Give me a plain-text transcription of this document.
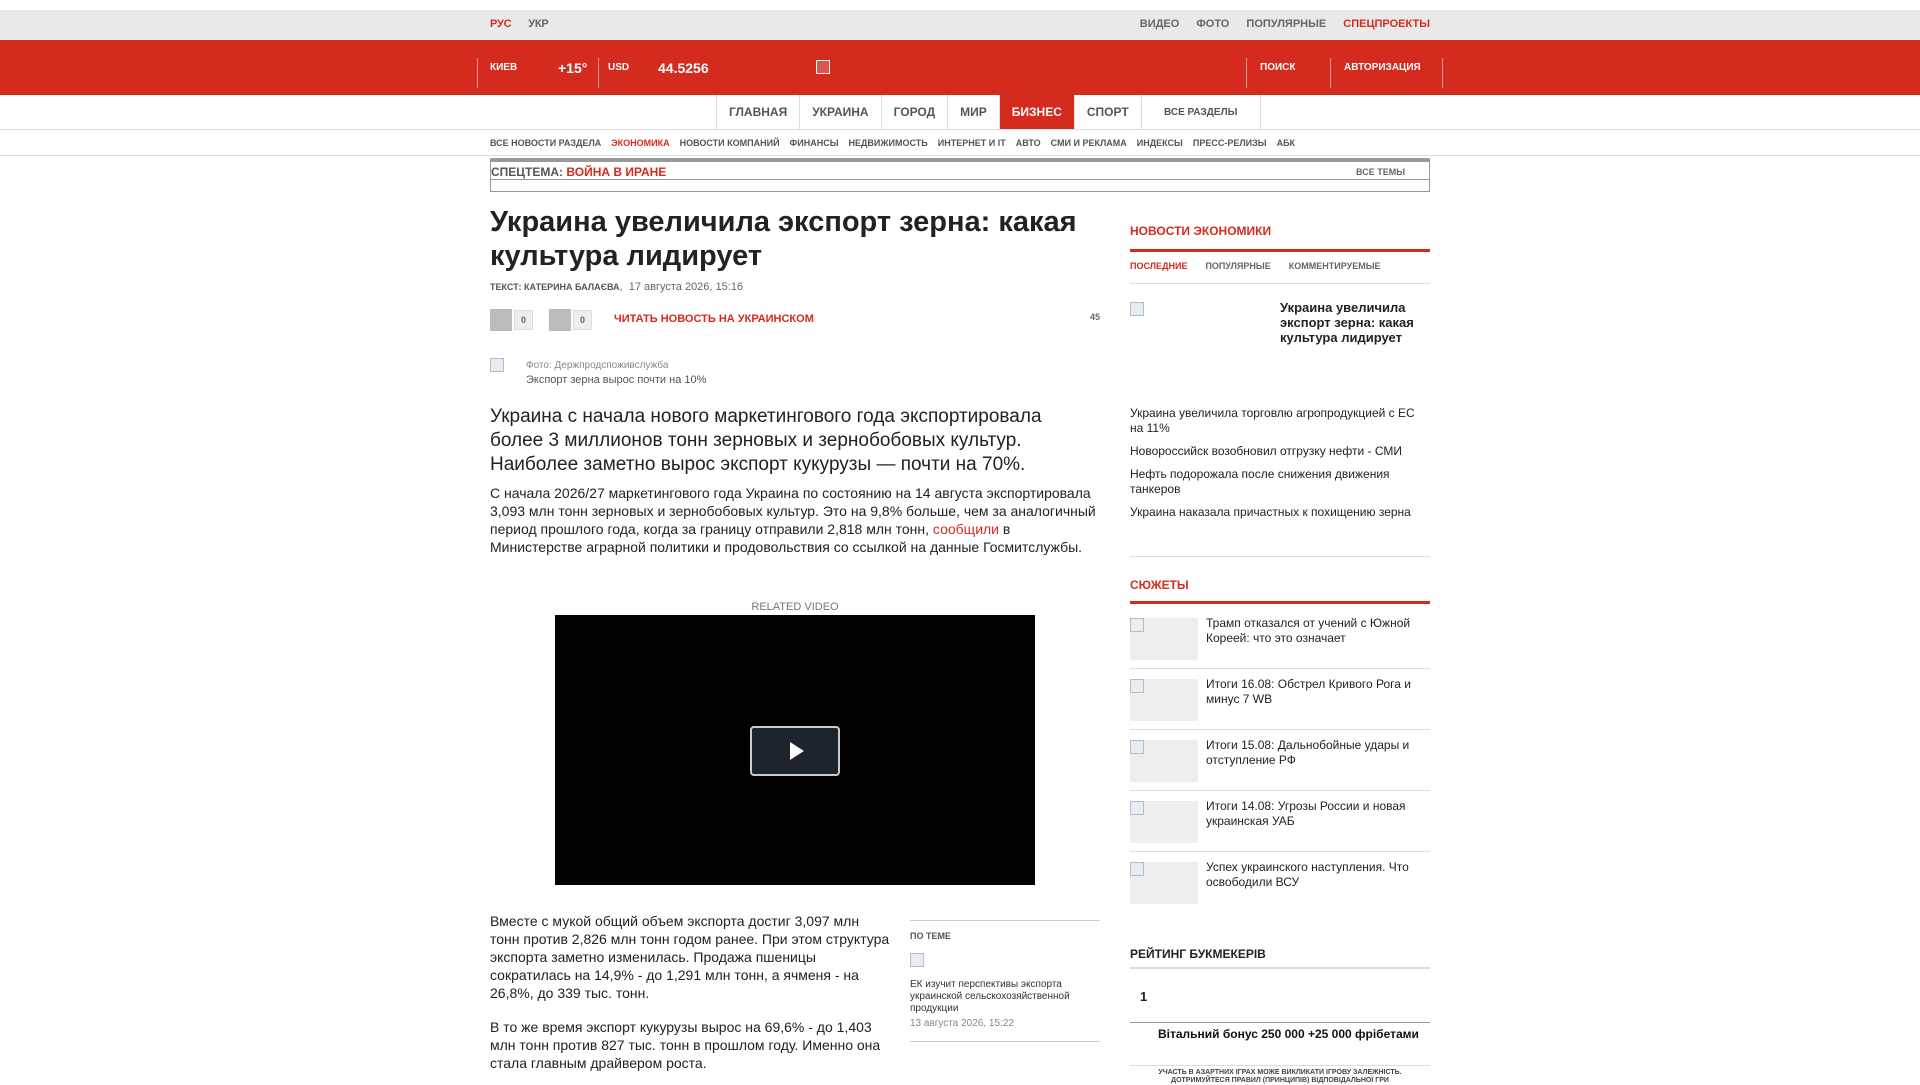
РУС УКР	ВИДЕО ФОТО ПОПУЛЯРНЫЕ СПЕЦПРОЕКТЫ
КИЕВ	+15° USD 44.5256	ПОИСК	АВТОРИЗАЦИЯ
ГЛАВНАЯ	УКРАИНА	ГОРОД	МИР	БИЗНЕС	СПОРТ	ВСЕ РАЗДЕЛЫ
ВСЕ НОВОСТИ РАЗДЕЛА ЭКОНОМИКА НОВОСТИ КОМПАНИЙ ФИНАНСЫ НЕДВИЖИМОСТЬ ИНТЕРНЕТ И IT АВТО СМИ И РЕКЛАМА ИНДЕКСЫ ПРЕСС-РЕЛИЗЫ АБК
СПЕЦТЕМА: ВОЙНА В ИРАНЕ	ВСЕ ТЕМЫ
Украина увеличила экспорт зерна: какая культура лидирует
ТЕКСТ: КАТЕРИНА БАЛАЄВА,  17 августа 2026, 15:16
0	0	ЧИТАТЬ НОВОСТЬ НА УКРАИНСКОМ	45
Фото: Держпродспоживслужба
Экспорт зерна вырос почти на 10%
Украина с начала нового маркетингового года экспортировала более 3 миллионов тонн зерновых и зернобобовых культур. Наиболее заметно вырос экспорт кукурузы — почти на 70%.
С начала 2026/27 маркетингового года Украина по состоянию на 14 августа экспортировала 3,093 млн тонн зерновых и зернобобовых культур. Это на 9,8% больше, чем за аналогичный период прошлого года, когда за границу отправили 2,818 млн тонн, сообщили в Министерстве аграрной политики и продовольствия со ссылкой на данные Госмитслужбы.
RELATED VIDEO
Вместе с мукой общий объем экспорта достиг 3,097 млн тонн против 2,826 млн тонн годом ранее. При этом структура экспорта заметно изменилась. Продажа пшеницы сократилась на 14,9% - до 1,291 млн тонн, а ячменя - на 26,8%, до 339 тыс. тонн.
В то же время экспорт кукурузы вырос на 69,6% - до 1,403 млн тонн против 827 тыс. тонн в прошлом году. Именно она стала главным драйвером роста.
ПО ТЕМЕ
ЕК изучит перспективы экспорта украинской сельскохозяйственной продукции
13 августа 2026, 15:22
НОВОСТИ ЭКОНОМИКИ
ПОСЛЕДНИЕ ПОПУЛЯРНЫЕ КОММЕНТИРУЕМЫЕ
Украина увеличила экспорт зерна: какая культура лидирует
Украина увеличила торговлю агропродукцией с ЕС на 11%
Новороссийск возобновил отгрузку нефти - СМИ
Нефть подорожала после снижения движения танкеров
Украина наказала причастных к похищению зерна
СЮЖЕТЫ
Трамп отказался от учений с Южной Кореей: что это означает
Итоги 16.08: Обстрел Кривого Рога и минус 7 WB
Итоги 15.08: Дальнобойные удары и отступление РФ
Итоги 14.08: Угрозы России и новая украинская УАБ
Успех украинского наступления. Что освободили ВСУ
РЕЙТИНГ БУКМЕКЕРІВ
1
Вітальний бонус 250 000 +25 000 фрібетами
УЧАСТЬ В АЗАРТНИХ ІГРАХ МОЖЕ ВИКЛИКАТИ ІГРОВУ ЗАЛЕЖНІСТЬ. ДОТРИМУЙТЕСЯ ПРАВИЛ (ПРИНЦИПІВ) ВІДПОВІДАЛЬНОЇ ГРИ
